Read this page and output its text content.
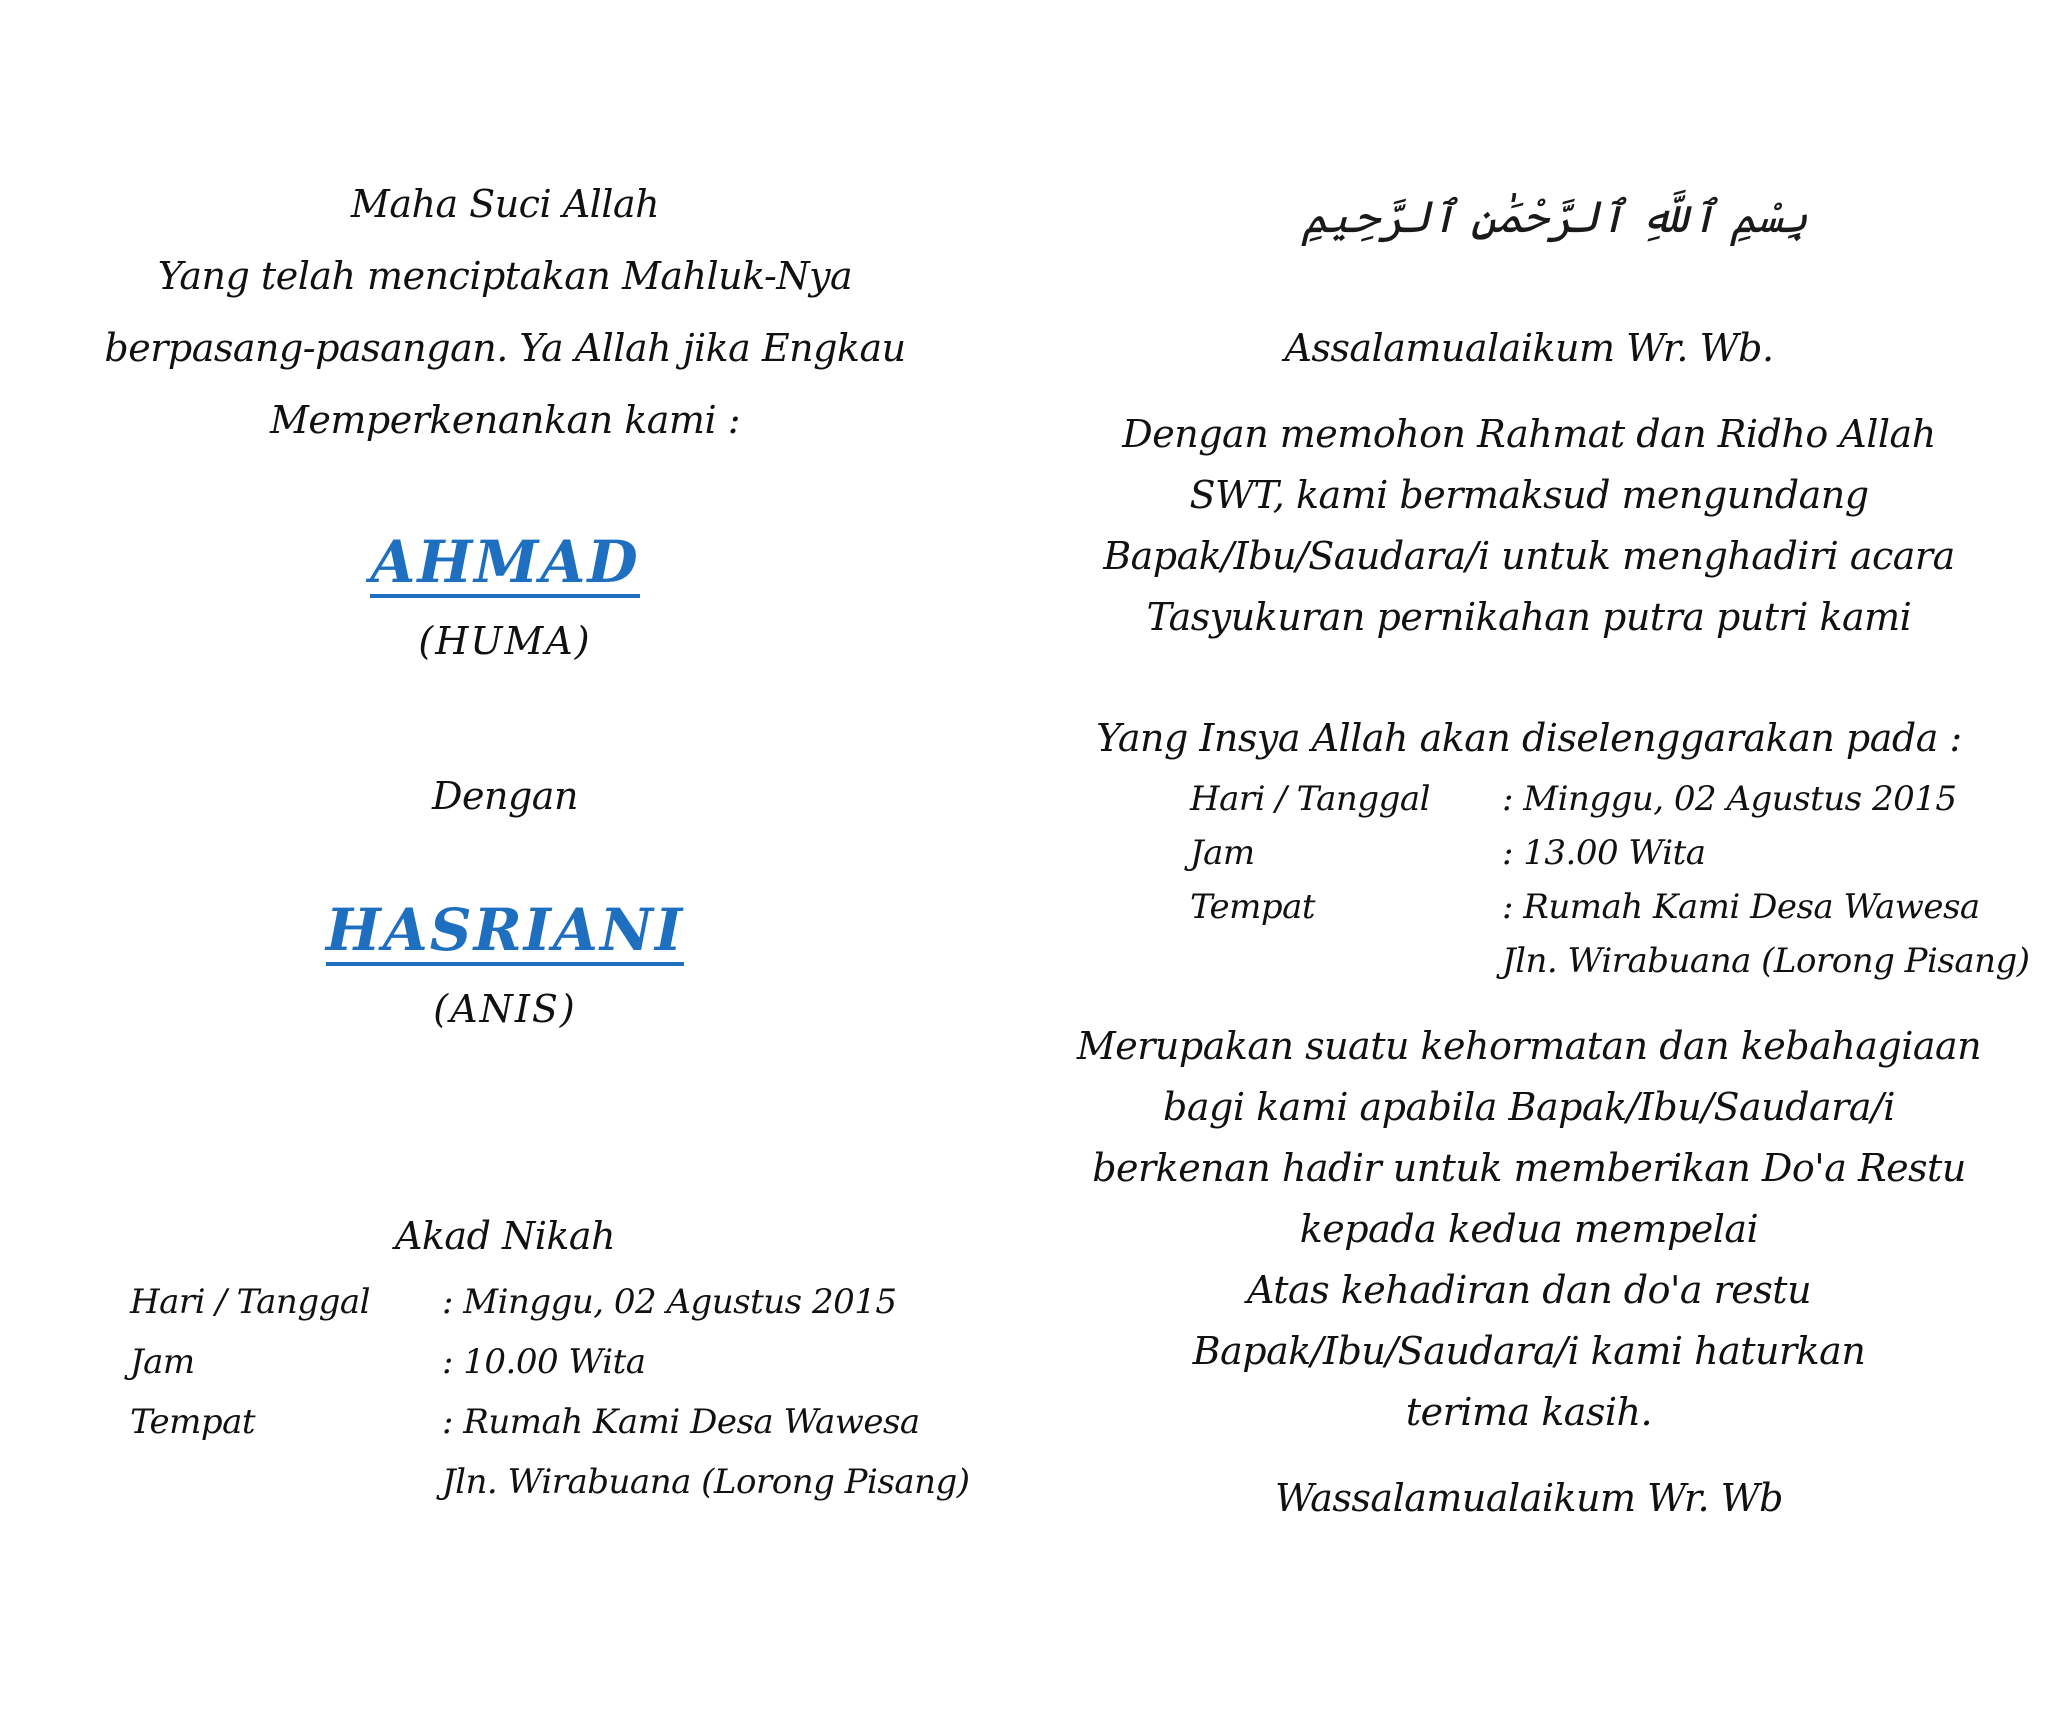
Maha Suci Allah
Yang telah menciptakan Mahluk-Nya
berpasang-pasangan. Ya Allah jika Engkau
Memperkenankan kami :
AHMAD
(HUMA)
Dengan
HASRIANI
(ANIS)
Akad Nikah
Hari / Tanggal	: Minggu, 02 Agustus 2015
Jam	: 10.00 Wita
Tempat	: Rumah Kami Desa Wawesa
Jln. Wirabuana (Lorong Pisang)
بِسْمِ ٱللَّهِ ٱلرَّحْمَٰنِ ٱلرَّحِيمِ
Assalamualaikum Wr. Wb.
Dengan memohon Rahmat dan Ridho Allah
SWT, kami bermaksud mengundang
Bapak/Ibu/Saudara/i untuk menghadiri acara
Tasyukuran pernikahan putra putri kami
Yang Insya Allah akan diselenggarakan pada :
Hari / Tanggal	: Minggu, 02 Agustus 2015
Jam	: 13.00 Wita
Tempat	: Rumah Kami Desa Wawesa
Jln. Wirabuana (Lorong Pisang)
Merupakan suatu kehormatan dan kebahagiaan
bagi kami apabila Bapak/Ibu/Saudara/i
berkenan hadir untuk memberikan Do'a Restu
kepada kedua mempelai
Atas kehadiran dan do'a restu
Bapak/Ibu/Saudara/i kami haturkan
terima kasih.
Wassalamualaikum Wr. Wb
